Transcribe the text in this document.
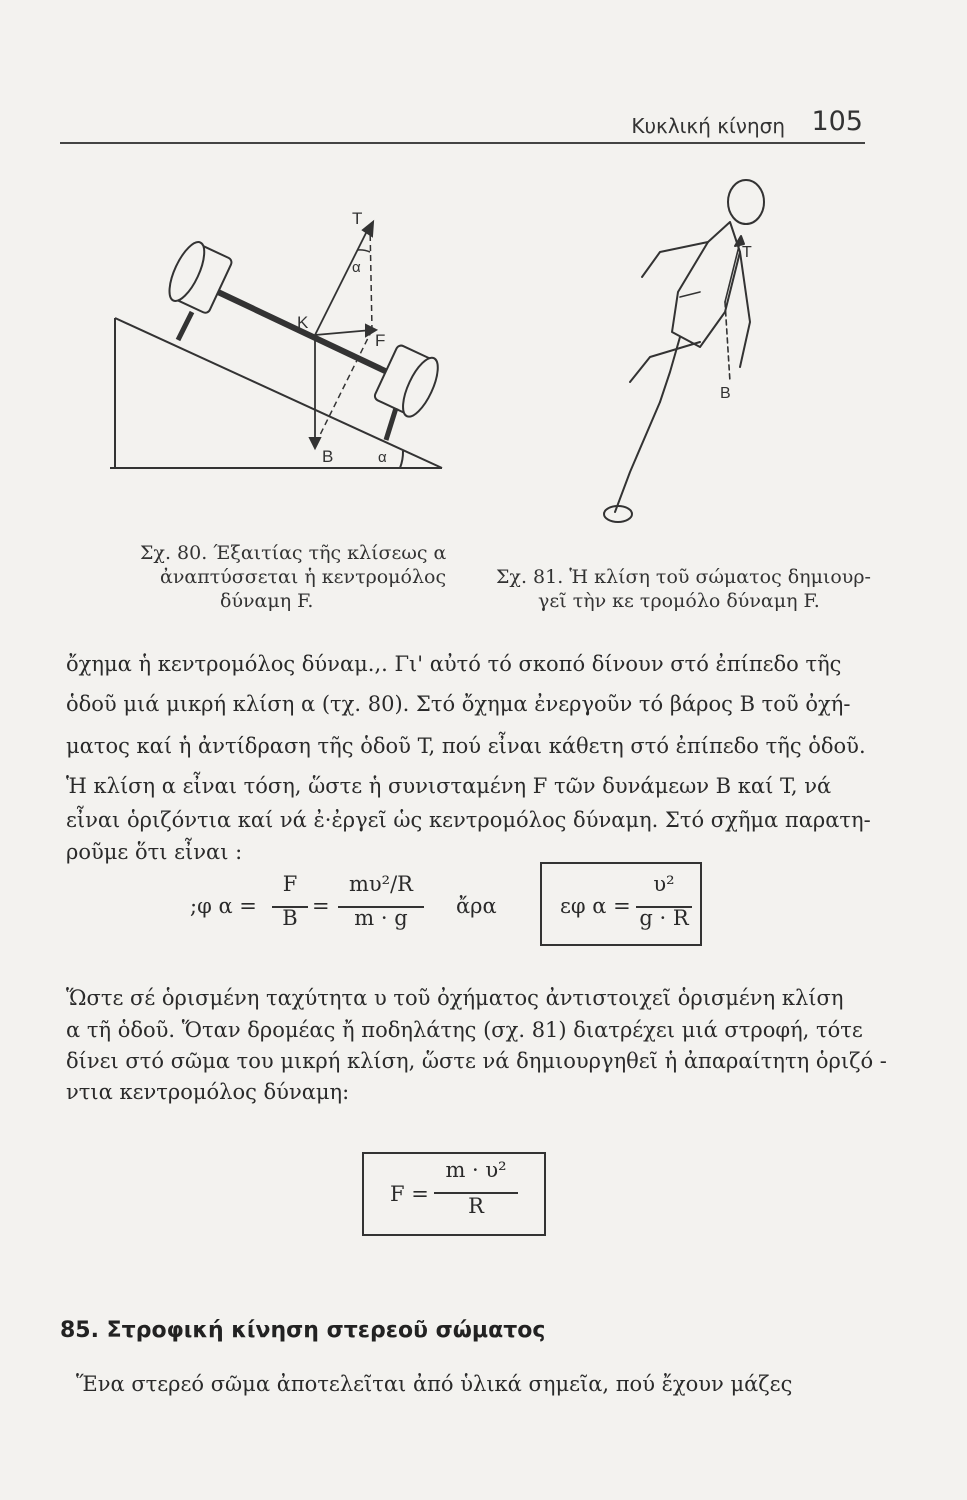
Κυκλική κίνηση 105
T
α
K
F
B	α
Σχ. 80. Έξαιτίας τῆς κλίσεως α
ἀναπτύσσεται ἡ κεντρομόλος
δύναμη F.
T
B
Σχ. 81. Ἡ κλίση τοῦ σώματος δημιουρ-
γεῖ τὴν κε τρομόλο δύναμη F.
ὄχημα ἡ κεντρομόλος δύναμ.,. Γι' αὐτό τό σκοπό δίνουν στό ἐπίπεδο τῆς
ὁδοῦ μιά μικρή κλίση α (τχ. 80). Στό ὄχημα ἐνεργοῦν τό βάρος B τοῦ ὀχή-
ματος καί ἡ ἀντίδραση τῆς ὁδοῦ T, πού εἶναι κάθετη στό ἐπίπεδο τῆς ὁδοῦ.
Ἡ κλίση α εἶναι τόση, ὥστε ἡ συνισταμένη F τῶν δυνάμεων B καί T, νά
εἶναι ὁριζόντια καί νά ἐ·ἐργεῖ ὡς κεντρομόλος δύναμη. Στό σχῆμα παρατη-
ροῦμε ὅτι εἶναι :
;φ α =
F
B =
mυ²/R
m · g	ἄρα	εφ α =
υ²
g · R
Ὥστε σέ ὁρισμένη ταχύτητα υ τοῦ ὀχήματος ἀντιστοιχεῖ ὁρισμένη κλίση
α τῆ ὁδοῦ. Ὅταν δρομέας ἤ ποδηλάτης (σχ. 81) διατρέχει μιά στροφή, τότε
δίνει στό σῶμα του μικρή κλίση, ὥστε νά δημιουργηθεῖ ἡ ἀπαραίτητη ὁριζό -
ντια κεντρομόλος δύναμη:
F =
m · υ²
R
85. Στροφική κίνηση στερεοῦ σώματος
Ἕνα στερεό σῶμα ἀποτελεῖται ἀπό ὑλικά σημεῖα, πού ἔχουν μάζες
